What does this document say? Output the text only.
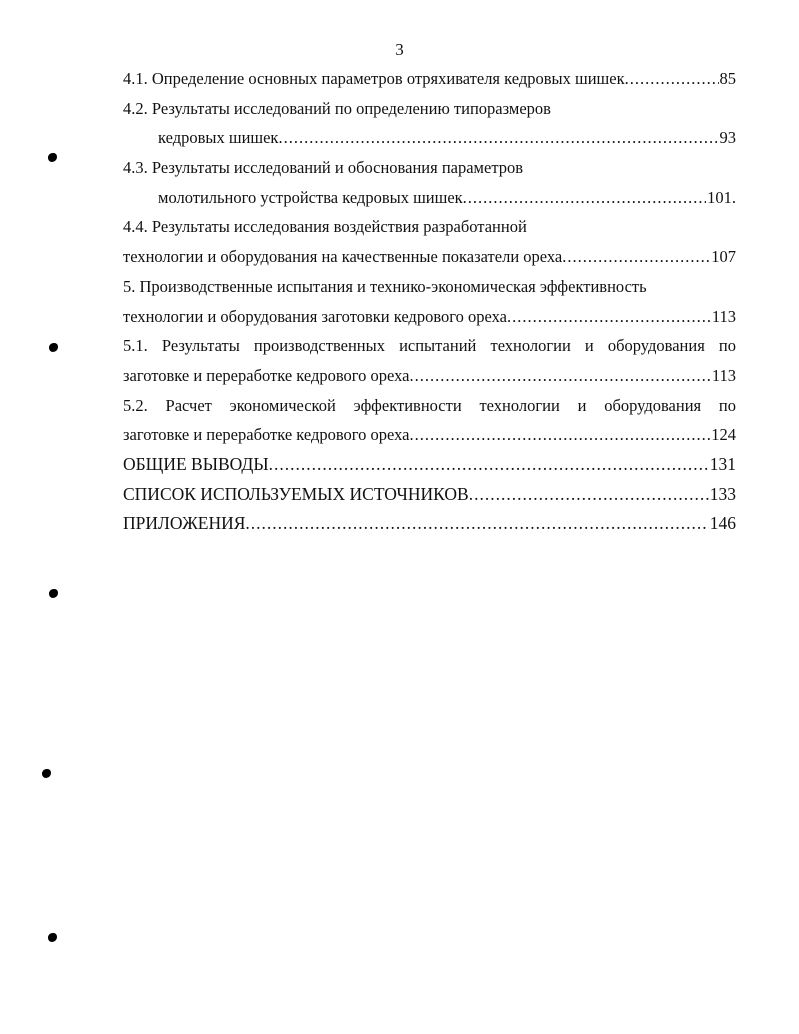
3
4.1. Определение основных параметров отряхивателя кедровых шишек .....	85
4.2. Результаты исследований по определению типоразмеров
кедровых шишек .....	93
4.3. Результаты исследований и обоснования параметров
молотильного устройства кедровых шишек .....	101.
4.4. Результаты исследования воздействия разработанной
технологии и оборудования на качественные показатели ореха .....	107
5. Производственные испытания и технико-экономическая эффективность
технологии и оборудования заготовки кедрового ореха .....	113
5.1. Результаты производственных испытаний технологии и оборудования по
заготовке и переработке кедрового ореха .....	113
5.2. Расчет экономической эффективности технологии и оборудования по
заготовке и переработке кедрового ореха .....	124
ОБЩИЕ ВЫВОДЫ .....	131
СПИСОК ИСПОЛЬЗУЕМЫХ ИСТОЧНИКОВ .....	133
ПРИЛОЖЕНИЯ .....	146
